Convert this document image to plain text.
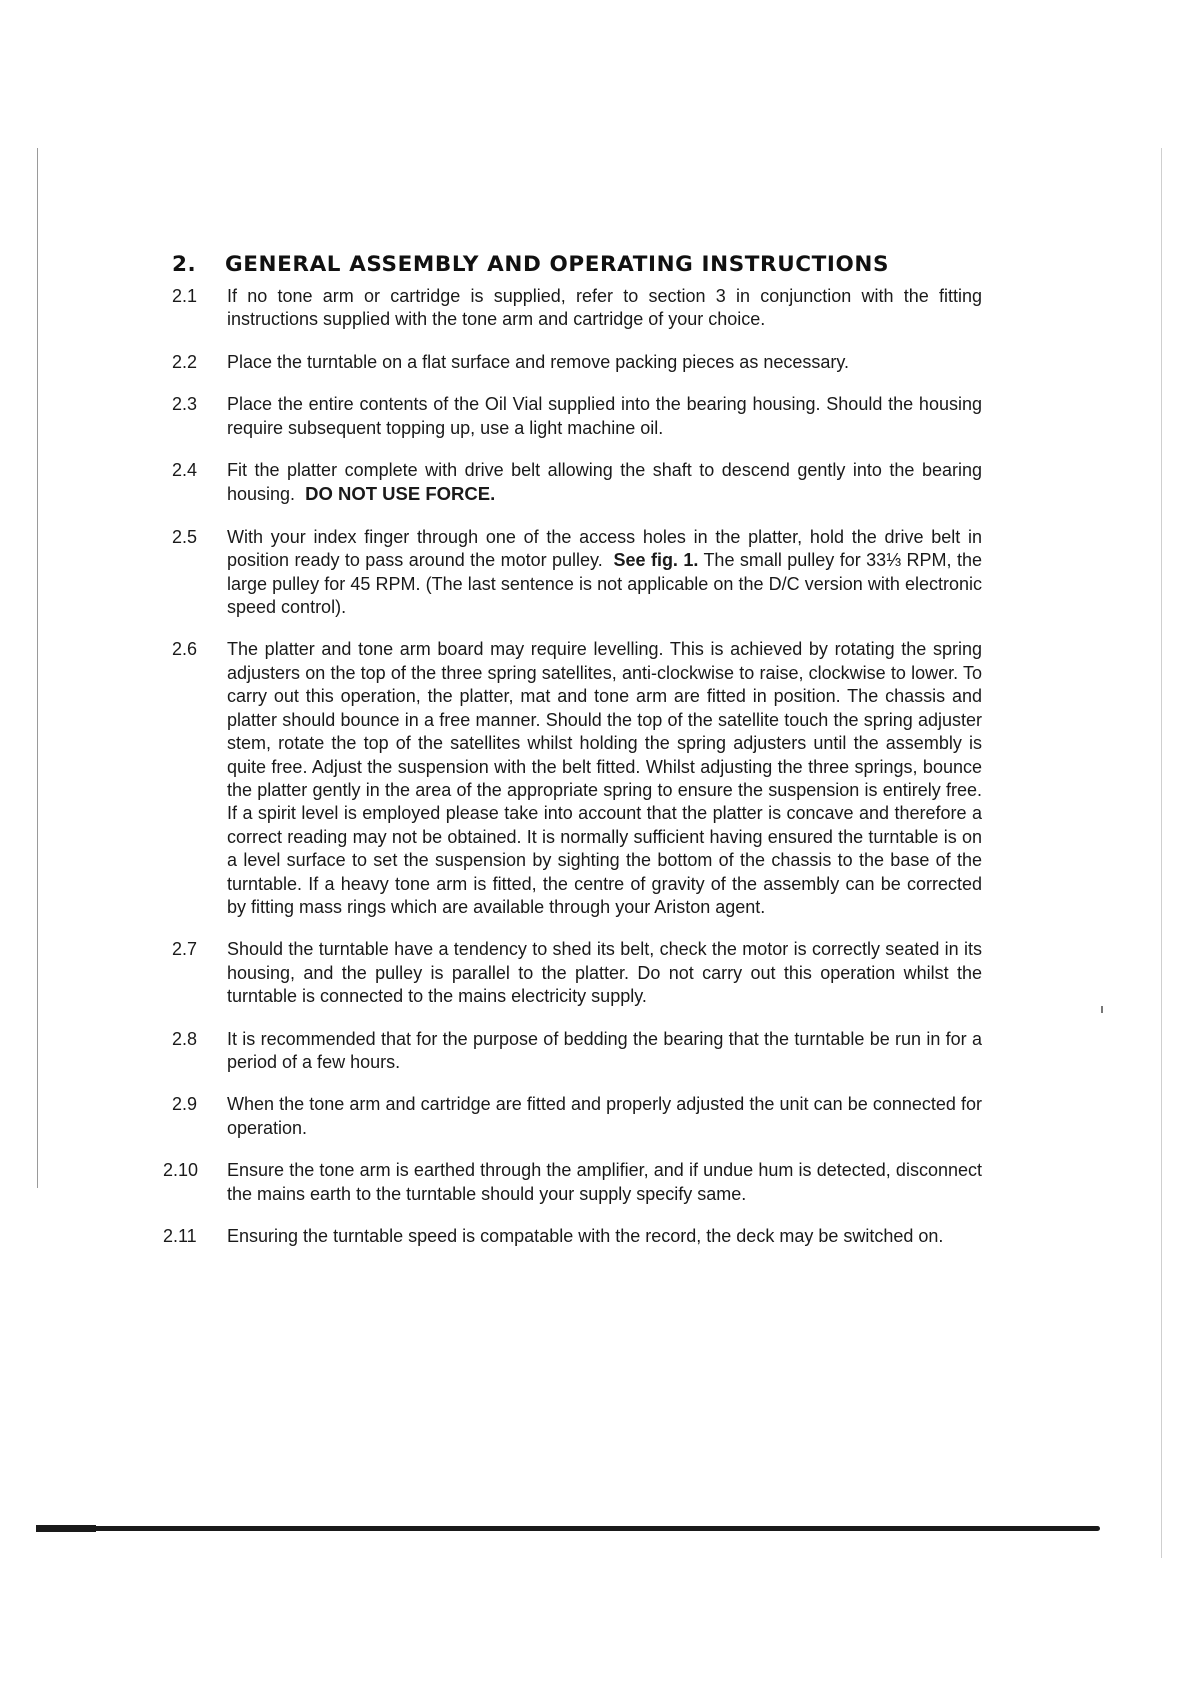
2.	GENERAL ASSEMBLY AND OPERATING INSTRUCTIONS
2.1	If no tone arm or cartridge is supplied, refer to section 3 in conjunction with the fitting instructions supplied with the tone arm and cartridge of your choice.
2.2	Place the turntable on a flat surface and remove packing pieces as necessary.
2.3	Place the entire contents of the Oil Vial supplied into the bearing housing. Should the housing require subsequent topping up, use a light machine oil.
2.4	Fit the platter complete with drive belt allowing the shaft to descend gently into the bearing housing. DO NOT USE FORCE.
2.5	With your index finger through one of the access holes in the platter, hold the drive belt in position ready to pass around the motor pulley. See fig. 1. The small pulley for 33⅓ RPM, the large pulley for 45 RPM. (The last sentence is not applicable on the D/C version with electronic speed control).
2.6	The platter and tone arm board may require levelling. This is achieved by rotating the spring adjusters on the top of the three spring satellites, anti-clockwise to raise, clockwise to lower. To carry out this operation, the platter, mat and tone arm are fitted in position. The chassis and platter should bounce in a free manner. Should the top of the satellite touch the spring adjuster stem, rotate the top of the satellites whilst holding the spring adjusters until the assembly is quite free. Adjust the suspension with the belt fitted. Whilst adjusting the three springs, bounce the platter gently in the area of the appropriate spring to ensure the suspension is entirely free. If a spirit level is employed please take into account that the platter is concave and therefore a correct reading may not be obtained. It is normally sufficient having ensured the turntable is on a level surface to set the suspension by sighting the bottom of the chassis to the base of the turntable. If a heavy tone arm is fitted, the centre of gravity of the assembly can be corrected by fitting mass rings which are available through your Ariston agent.
2.7	Should the turntable have a tendency to shed its belt, check the motor is correctly seated in its housing, and the pulley is parallel to the platter. Do not carry out this operation whilst the turntable is connected to the mains electricity supply.
2.8	It is recommended that for the purpose of bedding the bearing that the turntable be run in for a period of a few hours.
2.9	When the tone arm and cartridge are fitted and properly adjusted the unit can be connected for operation.
2.10	Ensure the tone arm is earthed through the amplifier, and if undue hum is detected, disconnect the mains earth to the turntable should your supply specify same.
2.11	Ensuring the turntable speed is compatable with the record, the deck may be switched on.
